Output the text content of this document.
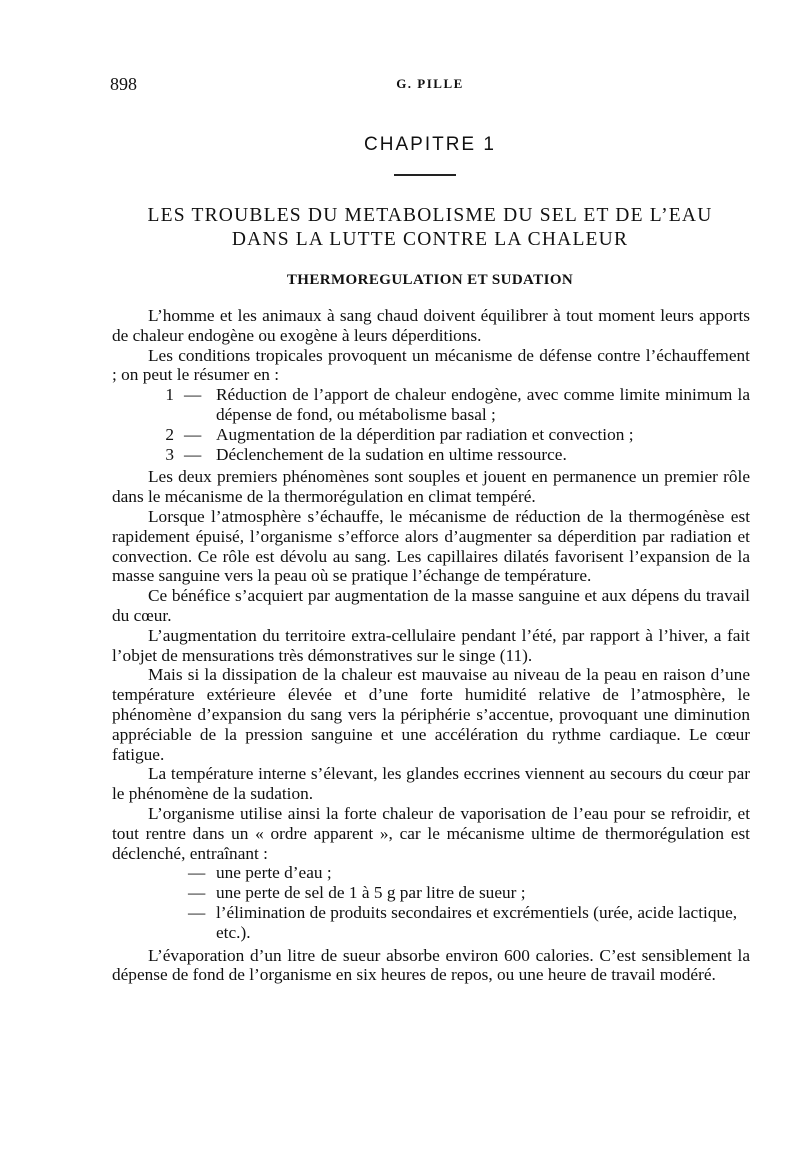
898	G. PILLE
CHAPITRE 1
LES TROUBLES DU METABOLISME DU SEL ET DE L’EAU
DANS LA LUTTE CONTRE LA CHALEUR
THERMOREGULATION ET SUDATION

L’homme et les animaux à sang chaud doivent équilibrer à tout moment leurs apports de chaleur endogène ou exogène à leurs déperditions.

Les conditions tropicales provoquent un mécanisme de défense contre l’échauffement ; on peut le résumer en :

1 — Réduction de l’apport de chaleur endogène, avec comme limite minimum la dépense de fond, ou métabolisme basal ;
2 — Augmentation de la déperdition par radiation et convection ;
3 — Déclenchement de la sudation en ultime ressource.

Les deux premiers phénomènes sont souples et jouent en permanence un premier rôle dans le mécanisme de la thermorégulation en climat tempéré.

Lorsque l’atmosphère s’échauffe, le mécanisme de réduction de la thermogénèse est rapidement épuisé, l’organisme s’efforce alors d’augmenter sa déperdition par radiation et convection. Ce rôle est dévolu au sang. Les capillaires dilatés favorisent l’expansion de la masse sanguine vers la peau où se pratique l’échange de température.

Ce bénéfice s’acquiert par augmentation de la masse sanguine et aux dépens du travail du cœur.

L’augmentation du territoire extra-cellulaire pendant l’été, par rapport à l’hiver, a fait l’objet de mensurations très démonstratives sur le singe (11).

Mais si la dissipation de la chaleur est mauvaise au niveau de la peau en raison d’une température extérieure élevée et d’une forte humidité relative de l’atmosphère, le phénomène d’expansion du sang vers la périphérie s’accentue, provoquant une diminution appréciable de la pression sanguine et une accélération du rythme cardiaque. Le cœur fatigue.

La température interne s’élevant, les glandes eccrines viennent au secours du cœur par le phénomène de la sudation.

L’organisme utilise ainsi la forte chaleur de vaporisation de l’eau pour se refroidir, et tout rentre dans un « ordre apparent », car le mécanisme ultime de thermorégulation est déclenché, entraînant :

— une perte d’eau ;
— une perte de sel de 1 à 5 g par litre de sueur ;
— l’élimination de produits secondaires et excrémentiels (urée, acide lactique, etc.).

L’évaporation d’un litre de sueur absorbe environ 600 calories. C’est sensiblement la dépense de fond de l’organisme en six heures de repos, ou une heure de travail modéré.
